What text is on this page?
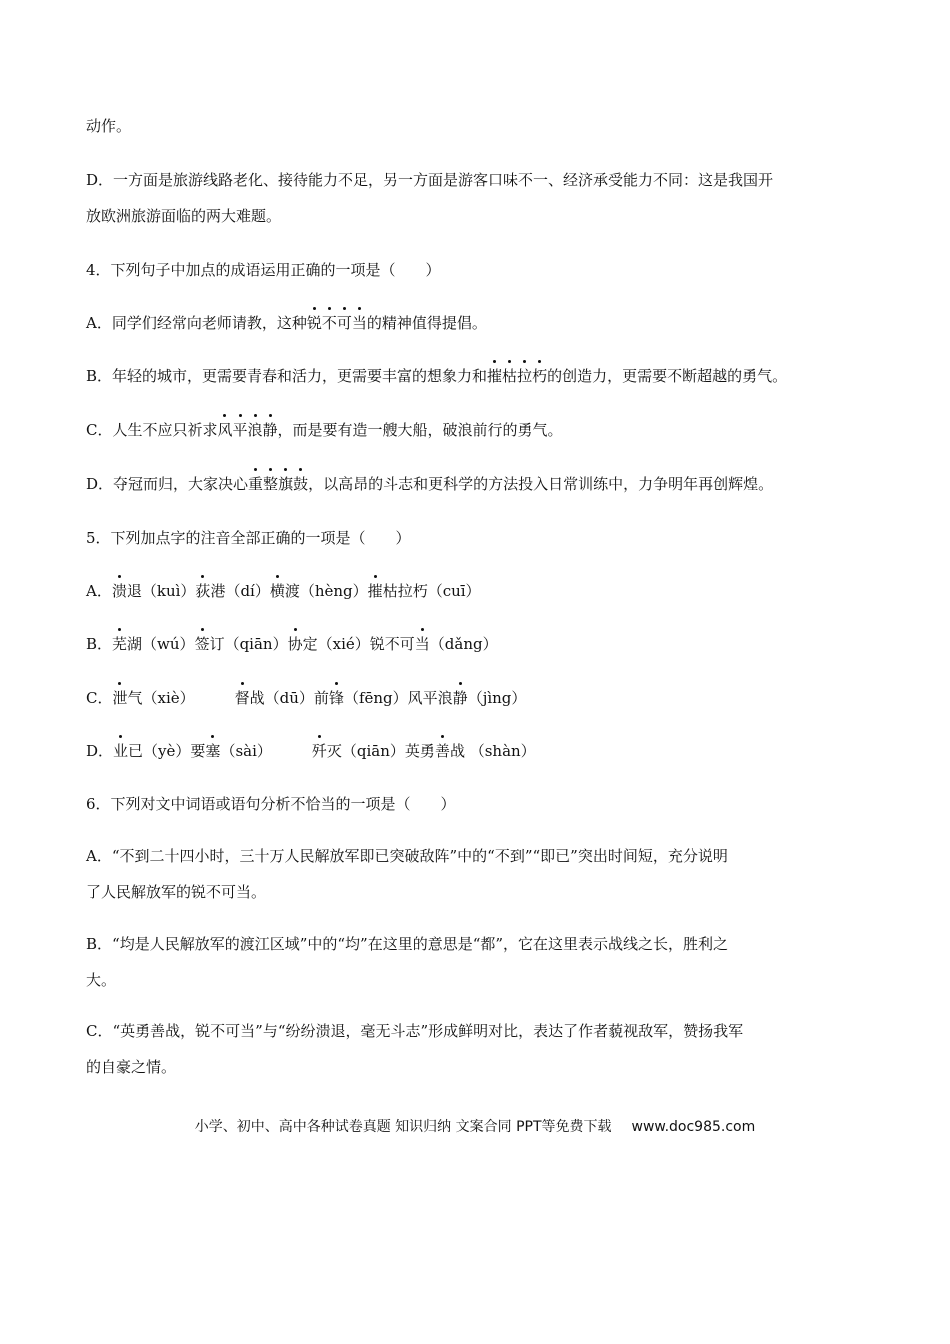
动作。
D．一方面是旅游线路老化、接待能力不足，另一方面是游客口味不一、经济承受能力不同：这是我国开
放欧洲旅游面临的两大难题。
4．下列句子中加点的成语运用正确的一项是（　　）
A．同学们经常向老师请教，这种锐不可当的精神值得提倡。
B．年轻的城市，更需要青春和活力，更需要丰富的想象力和摧枯拉朽的创造力，更需要不断超越的勇气。
C．人生不应只祈求风平浪静，而是要有造一艘大船，破浪前行的勇气。
D．夺冠而归，大家决心重整旗鼓，以高昂的斗志和更科学的方法投入日常训练中，力争明年再创辉煌。
5．下列加点字的注音全部正确的一项是（　　）
A．溃退（kuì）荻港（dí）横渡（hèng）摧枯拉朽（cuī）
B．芜湖（wú）签订（qiān）协定（xié）锐不可当（dǎng）
C．泄气（xiè）	督战（dū）前锋（fēng）风平浪静（jìng）
D．业已（yè）要塞（sài）	歼灭（qiān）英勇善战 （shàn）
6．下列对文中词语或语句分析不恰当的一项是（　　）
A．“不到二十四小时，三十万人民解放军即已突破敌阵”中的“不到”“即已”突出时间短，充分说明
了人民解放军的锐不可当。
B．“均是人民解放军的渡江区域”中的“均”在这里的意思是“都”，它在这里表示战线之长，胜利之
大。
C．“英勇善战，锐不可当”与“纷纷溃退，毫无斗志”形成鲜明对比，表达了作者藐视敌军，赞扬我军
的自豪之情。
小学、初中、高中各种试卷真题 知识归纳 文案合同 PPT等免费下载 www.doc985.com
